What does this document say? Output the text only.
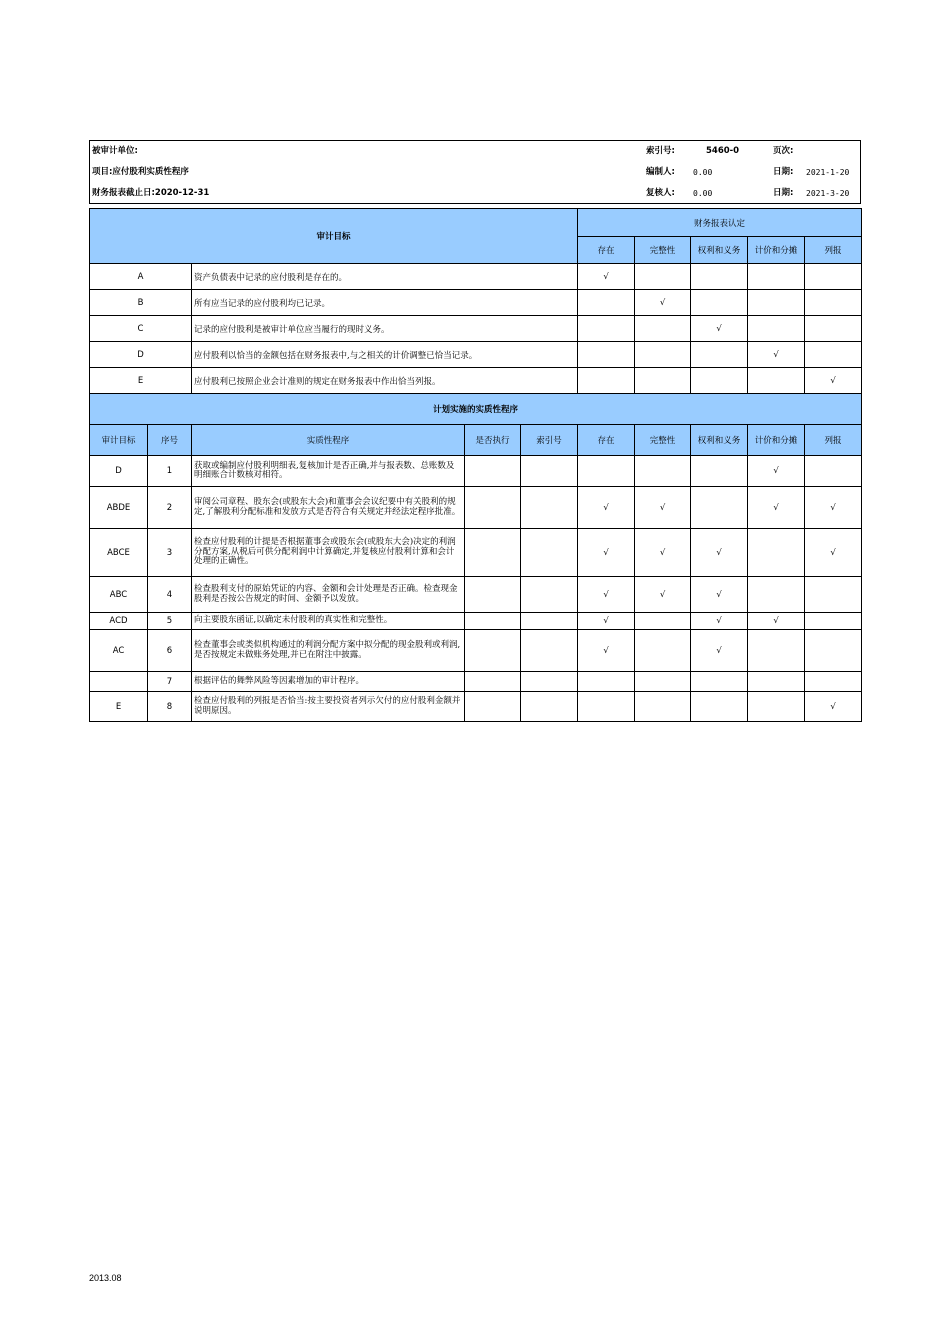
被审计单位:	索引号:	5460-0	页次:
项目:应付股利实质性程序	编制人: 0.00	日期: 2021-1-20
财务报表截止日:2020-12-31	复核人: 0.00	日期: 2021-3-20
审计目标					财务报表认定				
					存在	完整性	权利和义务	计价和分摊	列报
A		资产负债表中记录的应付股利是存在的。			√				
B		所有应当记录的应付股利均已记录。				√			
C		记录的应付股利是被审计单位应当履行的现时义务。					√		
D		应付股利以恰当的金额包括在财务报表中,与之相关的计价调整已恰当记录。						√	
E		应付股利已按照企业会计准则的规定在财务报表中作出恰当列报。							√
计划实施的实质性程序									
审计目标	序号	实质性程序	是否执行	索引号	存在	完整性	权利和义务	计价和分摊	列报
D	1	获取或编制应付股利明细表,复核加计是否正确,并与报表数、总账数及明细账合计数核对相符。						√	
ABDE	2	审阅公司章程、股东会(或股东大会)和董事会会议纪要中有关股利的规定,了解股利分配标准和发放方式是否符合有关规定并经法定程序批准。			√	√		√	√
ABCE	3	检查应付股利的计提是否根据董事会或股东会(或股东大会)决定的利润分配方案,从税后可供分配利润中计算确定,并复核应付股利计算和会计处理的正确性。			√	√	√		√
ABC	4	检查股利支付的原始凭证的内容、金额和会计处理是否正确。检查现金股利是否按公告规定的时间、金额予以发放。			√	√	√		
ACD	5	向主要股东函证,以确定未付股利的真实性和完整性。			√		√	√	
AC	6	检查董事会或类似机构通过的利润分配方案中拟分配的现金股利或利润,是否按规定未做账务处理,并已在附注中披露。			√		√		
	7	根据评估的舞弊风险等因素增加的审计程序。							
E	8	检查应付股利的列报是否恰当:按主要投资者列示欠付的应付股利金额并说明原因。							√
2013.08
